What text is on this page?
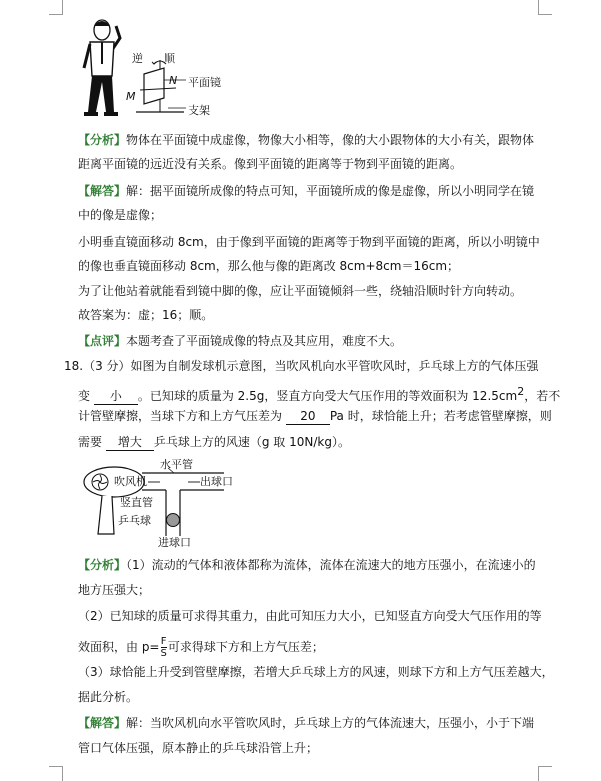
逆 顺
平面镜
N
M
支架
【分析】物体在平面镜中成虚像，物像大小相等，像的大小跟物体的大小有关，跟物体
距离平面镜的远近没有关系。像到平面镜的距离等于物到平面镜的距离。
【解答】解：据平面镜所成像的特点可知，平面镜所成的像是虚像，所以小明同学在镜
中的像是虚像；
小明垂直镜面移动 8cm，由于像到平面镜的距离等于物到平面镜的距离，所以小明镜中
的像也垂直镜面移动 8cm，那么他与像的距离改 8cm+8cm＝16cm；
为了让他站着就能看到镜中脚的像，应让平面镜倾斜一些，绕轴沿顺时针方向转动。
故答案为：虚；16；顺。
【点评】本题考查了平面镜成像的特点及其应用，难度不大。
18.（3 分）如图为自制发球机示意图，当吹风机向水平管吹风时，乒乓球上方的气体压强
变 小 。已知球的质量为 2.5g，竖直方向受大气压作用的等效面积为 $12.5cm^2$，若不
计管壁摩擦，当球下方和上方气压差为 20 Pa 时，球恰能上升；若考虑管壁摩擦，则
需要 增大 乒乓球上方的风速（g 取 10N/kg）。
水平管
吹风机	出球口
竖直管
乒乓球
进球口
【分析】（1）流动的气体和液体都称为流体，流体在流速大的地方压强小，在流速小的
地方压强大；
（2）已知球的质量可求得其重力，由此可知压力大小，已知竖直方向受大气压作用的等
效面积，由 $p= \frac{F}{S}$ 可求得球下方和上方气压差；
（3）球恰能上升受到管壁摩擦，若增大乒乓球上方的风速，则球下方和上方气压差越大，
据此分析。
【解答】解：当吹风机向水平管吹风时，乒乓球上方的气体流速大，压强小，小于下端
管口气体压强，原本静止的乒乓球沿管上升；
